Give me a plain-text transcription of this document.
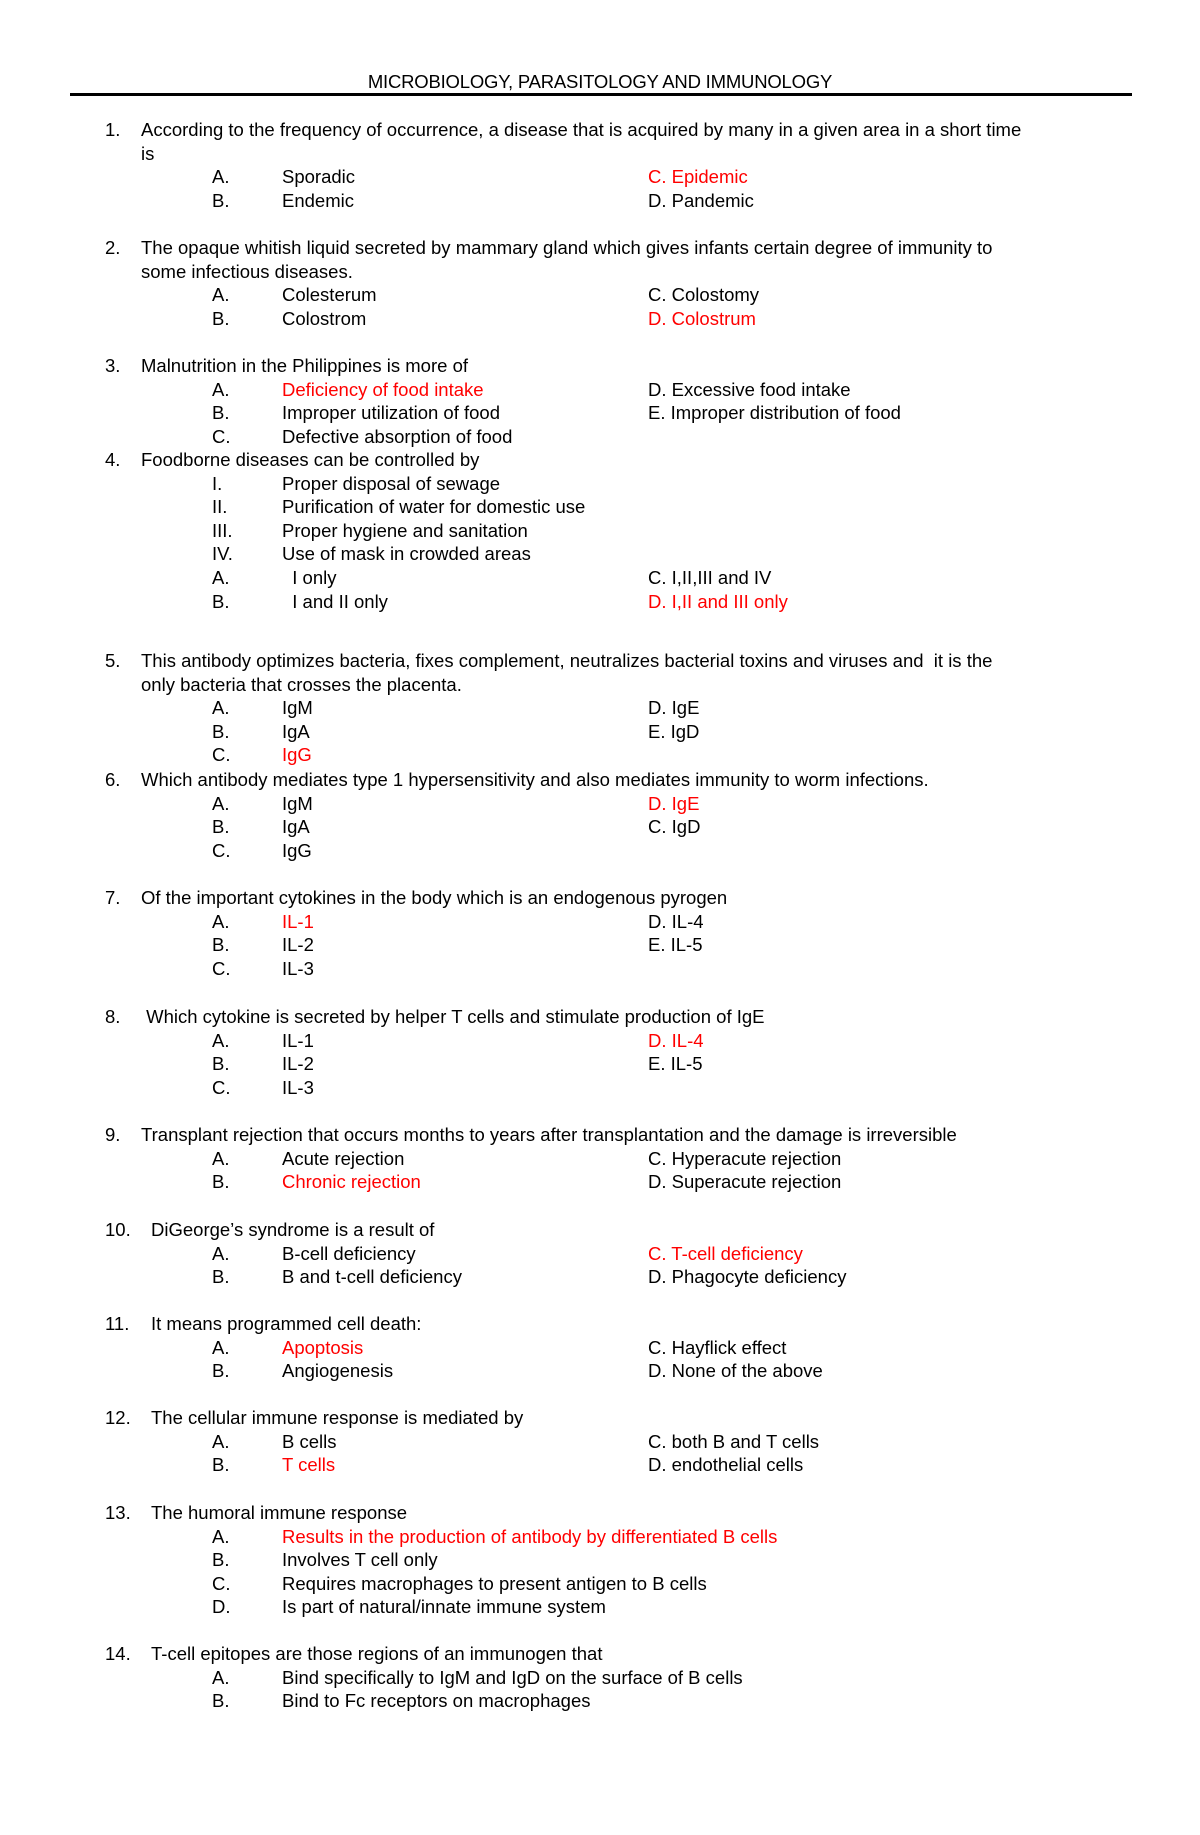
MICROBIOLOGY, PARASITOLOGY AND IMMUNOLOGY
1. According to the frequency of occurrence, a disease that is acquired by many in a given area in a short time
is
A.	Sporadic	C. Epidemic
B.	Endemic	D. Pandemic
2. The opaque whitish liquid secreted by mammary gland which gives infants certain degree of immunity to
some infectious diseases.
A.	Colesterum	C. Colostomy
B.	Colostrom	D. Colostrum
3. Malnutrition in the Philippines is more of
A.	Deficiency of food intake	D. Excessive food intake
B.	Improper utilization of food	E. Improper distribution of food
C.	Defective absorption of food
4. Foodborne diseases can be controlled by
I.	Proper disposal of sewage
II.	Purification of water for domestic use
III.	Proper hygiene and sanitation
IV.	Use of mask in crowded areas
A.	I only	C. I,II,III and IV
B.	I and II only	D. I,II and III only
5. This antibody optimizes bacteria, fixes complement, neutralizes bacterial toxins and viruses and  it is the
only bacteria that crosses the placenta.
A.	IgM	D. IgE
B.	IgA	E. IgD
C.	IgG
6. Which antibody mediates type 1 hypersensitivity and also mediates immunity to worm infections.
A.	IgM	D. IgE
B.	IgA	C. IgD
C.	IgG
7. Of the important cytokines in the body which is an endogenous pyrogen
A.	IL-1	D. IL-4
B.	IL-2	E. IL-5
C.	IL-3
8. Which cytokine is secreted by helper T cells and stimulate production of IgE
A.	IL-1	D. IL-4
B.	IL-2	E. IL-5
C.	IL-3
9. Transplant rejection that occurs months to years after transplantation and the damage is irreversible
A.	Acute rejection	C. Hyperacute rejection
B.	Chronic rejection	D. Superacute rejection
10. DiGeorge’s syndrome is a result of
A.	B-cell deficiency	C. T-cell deficiency
B.	B and t-cell deficiency	D. Phagocyte deficiency
11. It means programmed cell death:
A.	Apoptosis	C. Hayflick effect
B.	Angiogenesis	D. None of the above
12. The cellular immune response is mediated by
A.	B cells	C. both B and T cells
B.	T cells	D. endothelial cells
13. The humoral immune response
A.	Results in the production of antibody by differentiated B cells
B.	Involves T cell only
C.	Requires macrophages to present antigen to B cells
D.	Is part of natural/innate immune system
14. T-cell epitopes are those regions of an immunogen that
A.	Bind specifically to IgM and IgD on the surface of B cells
B.	Bind to Fc receptors on macrophages
